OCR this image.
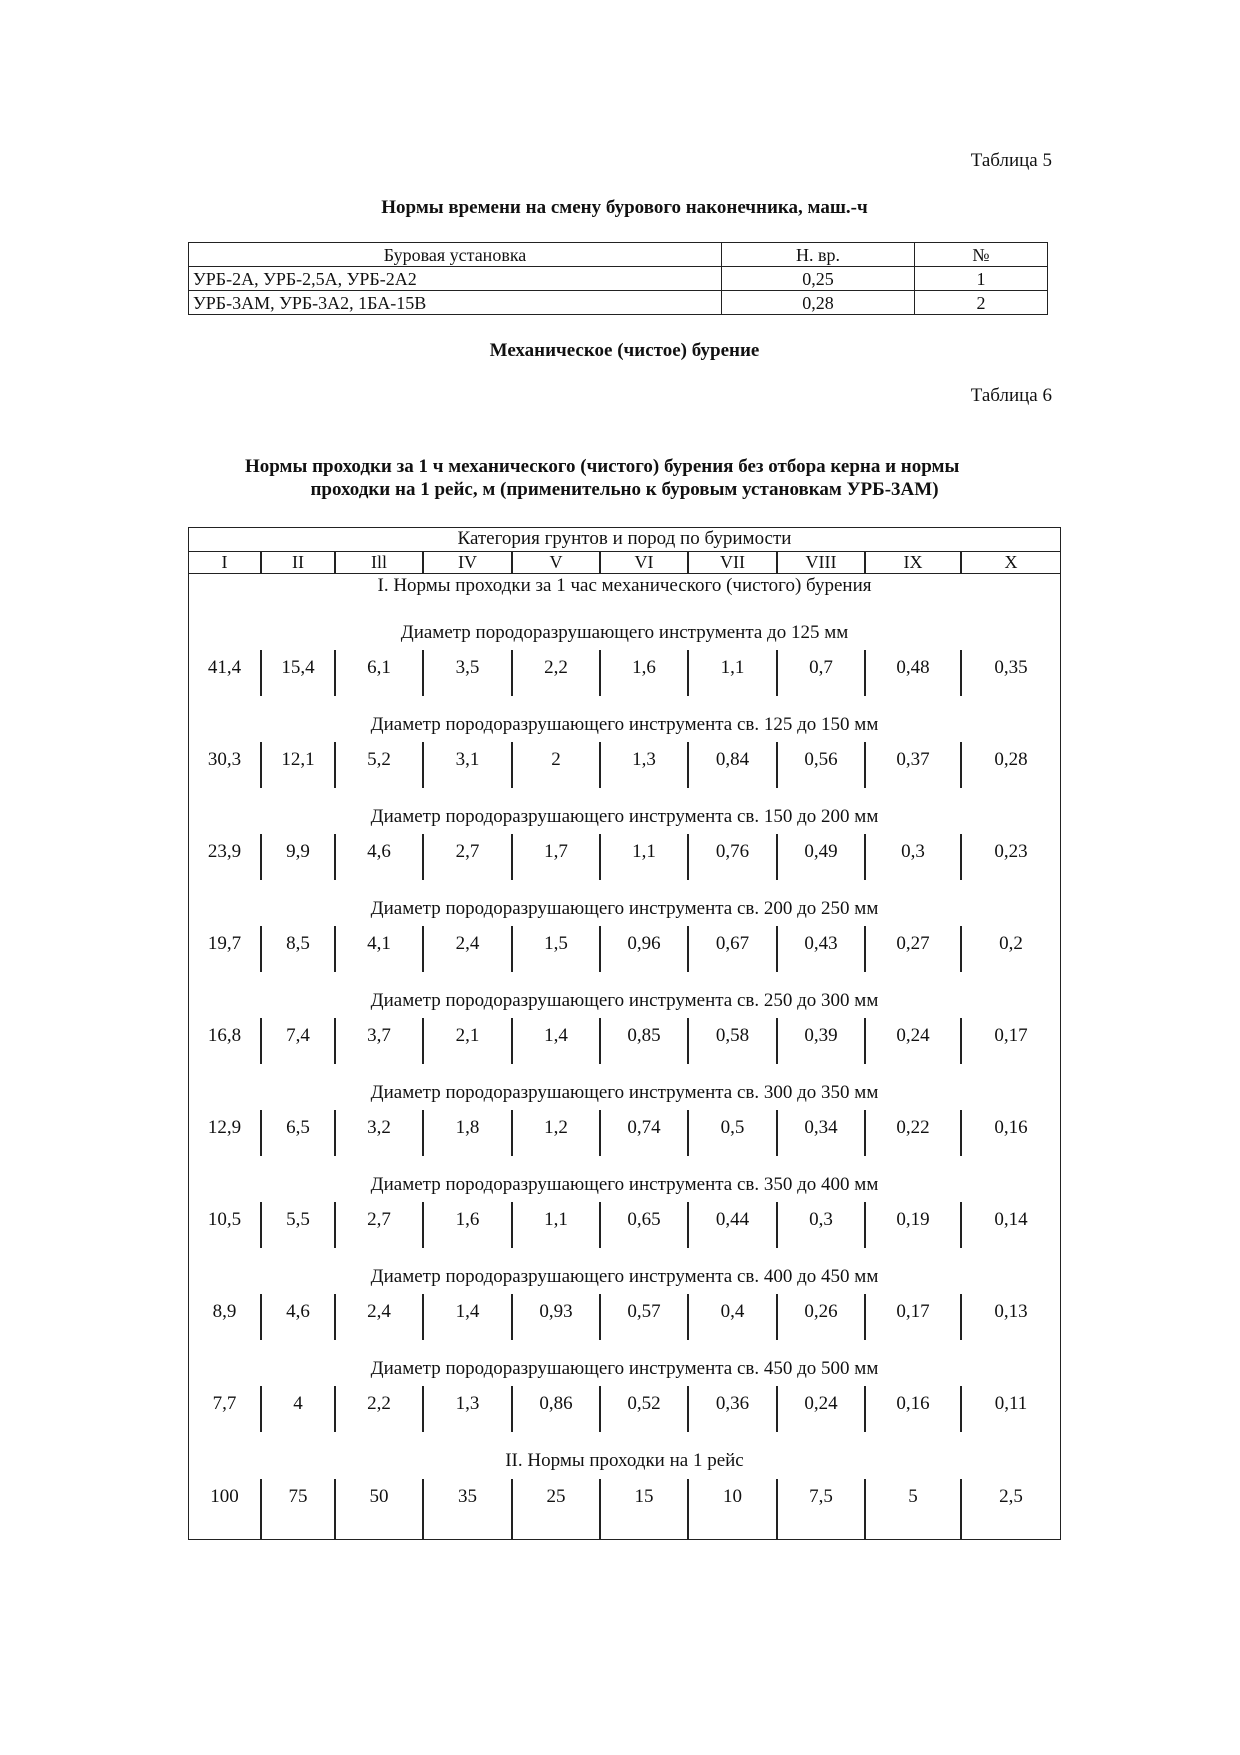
Таблица 5
Нормы времени на смену бурового наконечника, маш.-ч
Буровая установка	Н. вр.	№
УРБ-2А, УРБ-2,5А, УРБ-2А2	0,25	1
УРБ-3АМ, УРБ-3А2, 1БА-15В	0,28	2
Механическое (чистое) бурение
Таблица 6
Нормы проходки за 1 ч механического (чистого) бурения без отбора керна и нормы
проходки на 1 рейс, м (применительно к буровым установкам УРБ-3АМ)
Категория грунтов и пород по буримости
I	II	Ill	IV	V	VI	VII	VIII	IX	X
I. Нормы проходки за 1 час механического (чистого) бурения
Диаметр породоразрушающего инструмента до 125 мм
41,4	15,4	6,1	3,5	2,2	1,6	1,1	0,7	0,48	0,35
Диаметр породоразрушающего инструмента св. 125 до 150 мм
30,3	12,1	5,2	3,1	2	1,3	0,84	0,56	0,37	0,28
Диаметр породоразрушающего инструмента св. 150 до 200 мм
23,9	9,9	4,6	2,7	1,7	1,1	0,76	0,49	0,3	0,23
Диаметр породоразрушающего инструмента св. 200 до 250 мм
19,7	8,5	4,1	2,4	1,5	0,96	0,67	0,43	0,27	0,2
Диаметр породоразрушающего инструмента св. 250 до 300 мм
16,8	7,4	3,7	2,1	1,4	0,85	0,58	0,39	0,24	0,17
Диаметр породоразрушающего инструмента св. 300 до 350 мм
12,9	6,5	3,2	1,8	1,2	0,74	0,5	0,34	0,22	0,16
Диаметр породоразрушающего инструмента св. 350 до 400 мм
10,5	5,5	2,7	1,6	1,1	0,65	0,44	0,3	0,19	0,14
Диаметр породоразрушающего инструмента св. 400 до 450 мм
8,9	4,6	2,4	1,4	0,93	0,57	0,4	0,26	0,17	0,13
Диаметр породоразрушающего инструмента св. 450 до 500 мм
7,7	4	2,2	1,3	0,86	0,52	0,36	0,24	0,16	0,11
II. Нормы проходки на 1 рейс
100	75	50	35	25	15	10	7,5	5	2,5
